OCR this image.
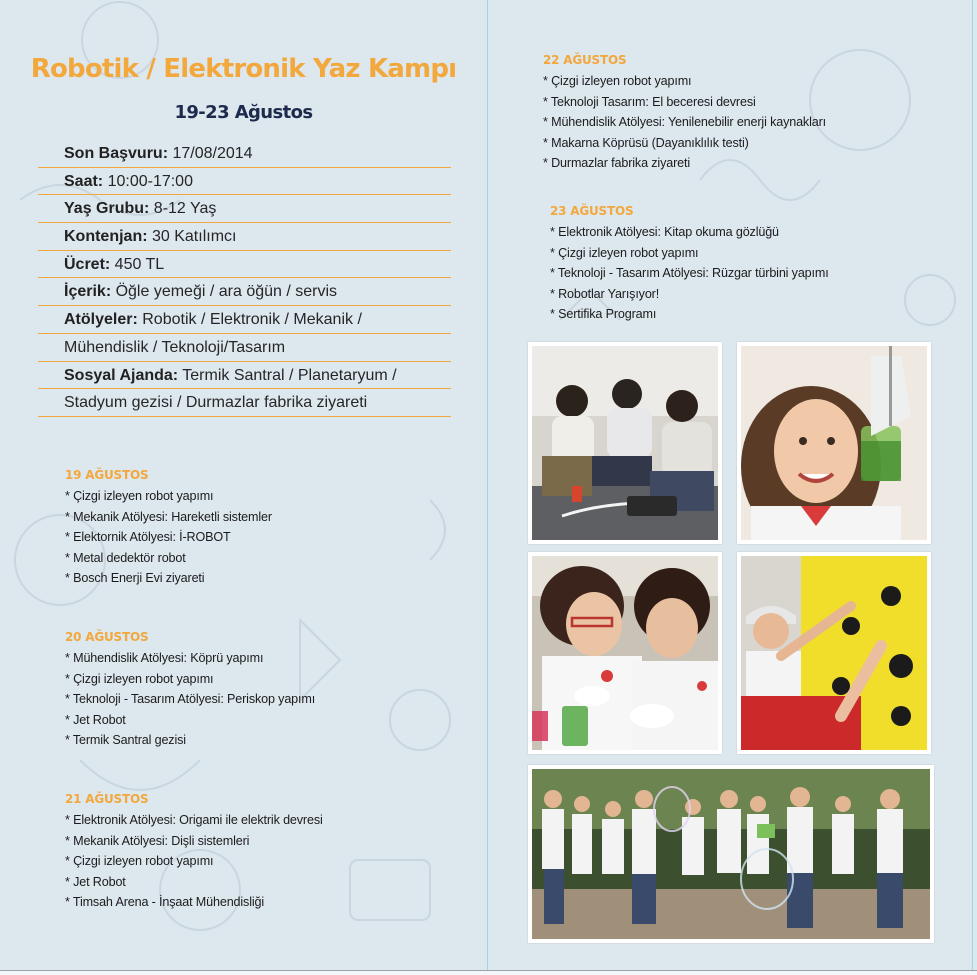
Robotik / Elektronik Yaz Kampı
19-23 Ağustos
Son Başvuru: 17/08/2014
Saat: 10:00-17:00
Yaş Grubu: 8-12 Yaş
Kontenjan: 30 Katılımcı
Ücret: 450 TL
İçerik: Öğle yemeği / ara öğün / servis
Atölyeler: Robotik / Elektronik / Mekanik /
Mühendislik / Teknoloji/Tasarım
Sosyal Ajanda: Termik Santral / Planetaryum /
Stadyum gezisi / Durmazlar fabrika ziyareti
19 AĞUSTOS
* Çizgi izleyen robot yapımı
* Mekanik Atölyesi: Hareketli sistemler
* Elektornik Atölyesi: İ-ROBOT
* Metal dedektör robot
* Bosch Enerji Evi ziyareti
20 AĞUSTOS
* Mühendislik Atölyesi: Köprü yapımı
* Çizgi izleyen robot yapımı
* Teknoloji - Tasarım Atölyesi: Periskop yapımı
* Jet Robot
* Termik Santral gezisi
21 AĞUSTOS
* Elektronik Atölyesi: Origami ile elektrik devresi
* Mekanik Atölyesi: Dişli sistemleri
* Çizgi izleyen robot yapımı
* Jet Robot
* Timsah Arena - İnşaat Mühendisliği
22 AĞUSTOS
* Çizgi izleyen robot yapımı
* Teknoloji Tasarım: El beceresi devresi
* Mühendislik Atölyesi: Yenilenebilir enerji kaynakları
* Makarna Köprüsü (Dayanıklılık testi)
* Durmazlar fabrika ziyareti
23 AĞUSTOS
* Elektronik Atölyesi: Kitap okuma gözlüğü
* Çizgi izleyen robot yapımı
* Teknoloji - Tasarım Atölyesi: Rüzgar türbini yapımı
* Robotlar Yarışıyor!
* Sertifika Programı
